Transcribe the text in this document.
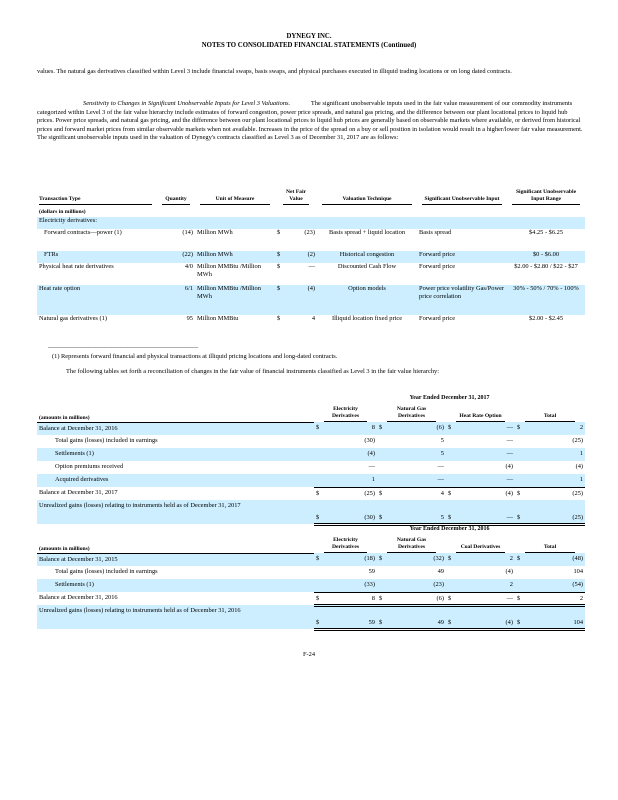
DYNEGY INC.
NOTES TO CONSOLIDATED FINANCIAL STATEMENTS (Continued)
values. The natural gas derivatives classified within Level 3 include financial swaps, basis swaps, and physical purchases executed in illiquid trading locations or on long dated contracts.
Sensitivity to Changes in Significant Unobservable Inputs for Level 3 Valuations.	The significant unobservable inputs used in the fair value measurement of our commodity instruments categorized within Level 3 of the fair value hierarchy include estimates of forward congestion, power price spreads, and natural gas pricing, and the difference between our plant locational prices to liquid hub prices. Power price spreads, and natural gas pricing, and the difference between our plant locational prices to liquid hub prices are generally based on observable markets where available, or derived from historical prices and forward market prices from similar observable markets when not available. Increases in the price of the spread on a buy or sell position in isolation would result in a higher/lower fair value measurement. The significant unobservable inputs used in the valuation of Dynegy's contracts classified as Level 3 as of December 31, 2017 are as follows:
Transaction Type	Quantity	Unit of Measure	Net Fair Value		Valuation Technique	Significant Unobservable Input	Significant Unobservable Input Range

(dollars in millions)							
Electricity derivatives:							
Forward contracts—power (1)	(14)	Million MWh	$	(23)	Basis spread + liquid location	Basis spread	$4.25 - $6.25
FTRs	(22)	Million MWh	$	(2)	Historical congestion	Forward price	$0 - $6.00
Physical heat rate derivatives	4/0	Million MMBtu /Million MWh	$	—	Discounted Cash Flow	Forward price	$2.00 - $2.80 / $22 - $27
Heat rate option	6/1	Million MMBtu /Million MWh	$	(4)	Option models	Power price volatility Gas/Power price correlation	30% - 50% / 70% - 100%
Natural gas derivatives (1)	95	Million MMBtu	$	4	Illiquid location fixed price	Forward price	$2.00 - $2.45
_______________________________________________
(1) Represents forward financial and physical transactions at illiquid pricing locations and long-dated contracts.
The following tables set forth a reconciliation of changes in the fair value of financial instruments classified as Level 3 in the fair value hierarchy:
	Year Ended December 31, 2017							
(amounts in millions)	Electricity Derivatives		Natural Gas Derivatives		Heat Rate Option		Total	

Balance at December 31, 2016	$	8	$	(6)	$	—	$	2
Total gains (losses) included in earnings		(30)		5		—		(25)
Settlements (1)		(4)		5		—		1
Option premiums received		—		—		(4)		(4)
Acquired derivatives		1		—		—		1
Balance at December 31, 2017	$	(25)	$	4	$	(4)	$	(25)
Unrealized gains (losses) relating to instruments held as of December 31, 2017	$	(30)	$	5	$	—	$	(25)
	Year Ended December 31, 2016							
(amounts in millions)	Electricity Derivatives		Natural Gas Derivatives		Coal Derivatives		Total	

Balance at December 31, 2015	$	(18)	$	(32)	$	2	$	(48)
Total gains (losses) included in earnings		59		49		(4)		104
Settlements (1)		(33)		(23)		2		(54)
Balance at December 31, 2016	$	8	$	(6)	$	—	$	2
Unrealized gains (losses) relating to instruments held as of December 31, 2016	$	59	$	49	$	(4)	$	104
F-24
